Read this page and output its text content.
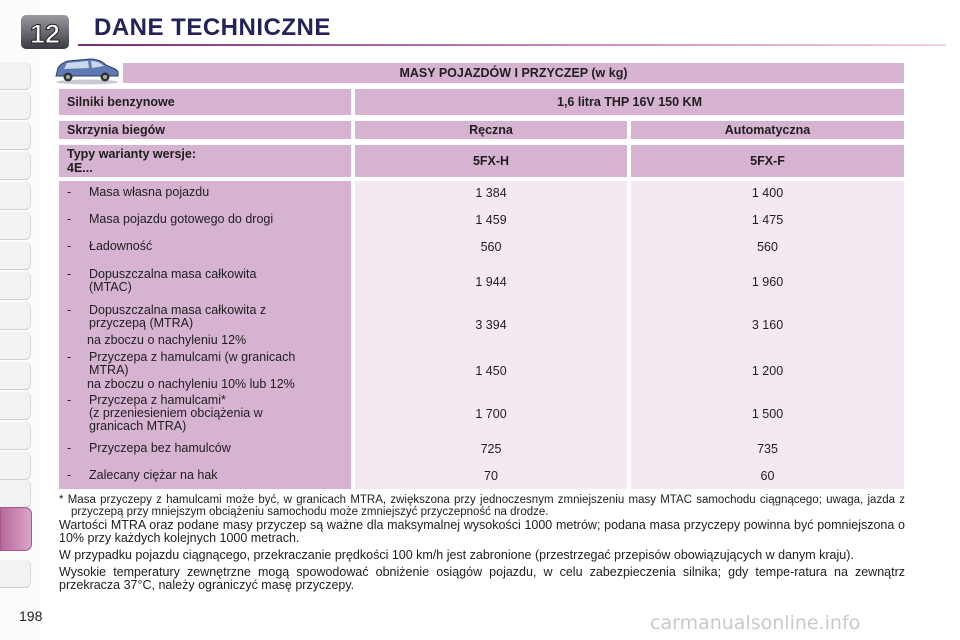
12 DANE TECHNICZNE
MASY POJAZDÓW I PRZYCZEP (w kg)
Silniki benzynowe	1,6 litra THP 16V 150 KM
Skrzynia biegów	Ręczna	Automatyczna
Typy warianty wersje:
4E...	5FX-H	5FX-F
- Masa własna pojazdu	1 384	1 400
- Masa pojazdu gotowego do drogi	1 459	1 475
- Ładowność	560	560
- Dopuszczalna masa całkowita
(MTAC)	1 944	1 960
- Dopuszczalna masa całkowita z
przyczepą (MTRA)
na zboczu o nachyleniu 12%
3 394	3 160
- Przyczepa z hamulcami (w granicach
MTRA)
na zboczu o nachyleniu 10% lub 12%
1 450	1 200
- Przyczepa z hamulcami*
(z przeniesieniem obciążenia w
granicach MTRA)
1 700	1 500
- Przyczepa bez hamulców	725	735
- Zalecany ciężar na hak	70	60

* Masa przyczepy z hamulcami może być, w granicach MTRA, zwiększona przy jednoczesnym zmniejszeniu masy MTAC samochodu ciągnącego; uwaga, jazda z przyczepą przy mniejszym obciążeniu samochodu może zmniejszyć przyczepność na drodze.

Wartości MTRA oraz podane masy przyczep są ważne dla maksymalnej wysokości 1000 metrów; podana masa przyczepy powinna być pomniejszona o 10% przy każdych kolejnych 1000 metrach.

W przypadku pojazdu ciągnącego, przekraczanie prędkości 100 km/h jest zabronione (przestrzegać przepisów obowiązujących w danym kraju).

Wysokie temperatury zewnętrzne mogą spowodować obniżenie osiągów pojazdu, w celu zabezpieczenia silnika; gdy tempe-ratura na zewnątrz przekracza 37°C, należy ograniczyć masę przyczepy.

198	carmanualsonline.info
